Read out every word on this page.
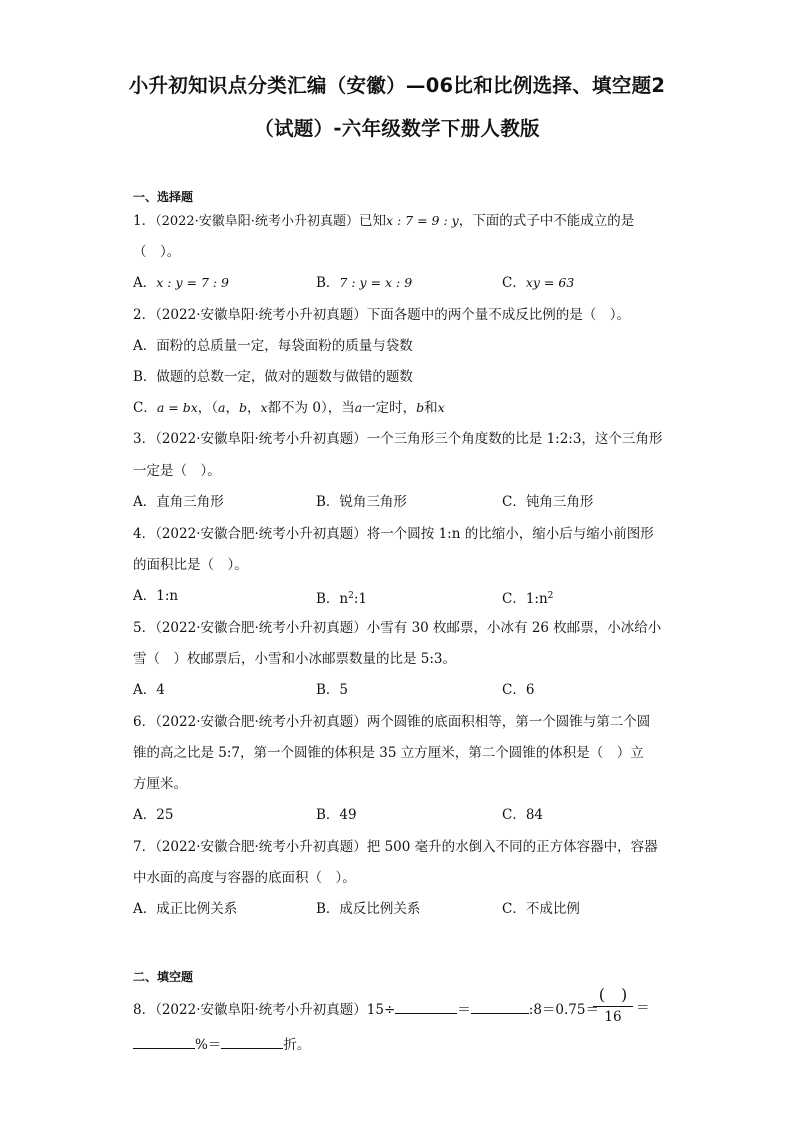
小升初知识点分类汇编（安徽）—06比和比例选择、填空题2
（试题）-六年级数学下册人教版
一、选择题
1．（2022·安徽阜阳·统考小升初真题）已知x : 7 = 9 : y，下面的式子中不能成立的是
（　）。
A．x : y = 7 : 9	B．7 : y = x : 9	C．xy = 63
2．（2022·安徽阜阳·统考小升初真题）下面各题中的两个量不成反比例的是（　）。
A．面粉的总质量一定，每袋面粉的质量与袋数
B．做题的总数一定，做对的题数与做错的题数
C．a = bx，（a，b，x都不为 0），当a一定时，b和x
3．（2022·安徽阜阳·统考小升初真题）一个三角形三个角度数的比是 1:2:3，这个三角形
一定是（　）。
A．直角三角形	B．锐角三角形	C．钝角三角形
4．（2022·安徽合肥·统考小升初真题）将一个圆按 1:n 的比缩小，缩小后与缩小前图形
的面积比是（　）。
A．1:n	B．$n^2:1$	C．$1:n^2$
5．（2022·安徽合肥·统考小升初真题）小雪有 30 枚邮票，小冰有 26 枚邮票，小冰给小
雪（　）枚邮票后，小雪和小冰邮票数量的比是 5:3。
A．4	B．5	C．6
6．（2022·安徽合肥·统考小升初真题）两个圆锥的底面积相等，第一个圆锥与第二个圆
锥的高之比是 5:7，第一个圆锥的体积是 35 立方厘米，第二个圆锥的体积是（　）立
方厘米。
A．25	B．49	C．84
7．（2022·安徽合肥·统考小升初真题）把 500 毫升的水倒入不同的正方体容器中，容器
中水面的高度与容器的底面积（　）。
A．成正比例关系	B．成反比例关系	C．不成比例
二、填空题
8．（2022·安徽阜阳·统考小升初真题）15÷	＝	:8＝0.75＝
(　)
16
＝
%＝	折。
